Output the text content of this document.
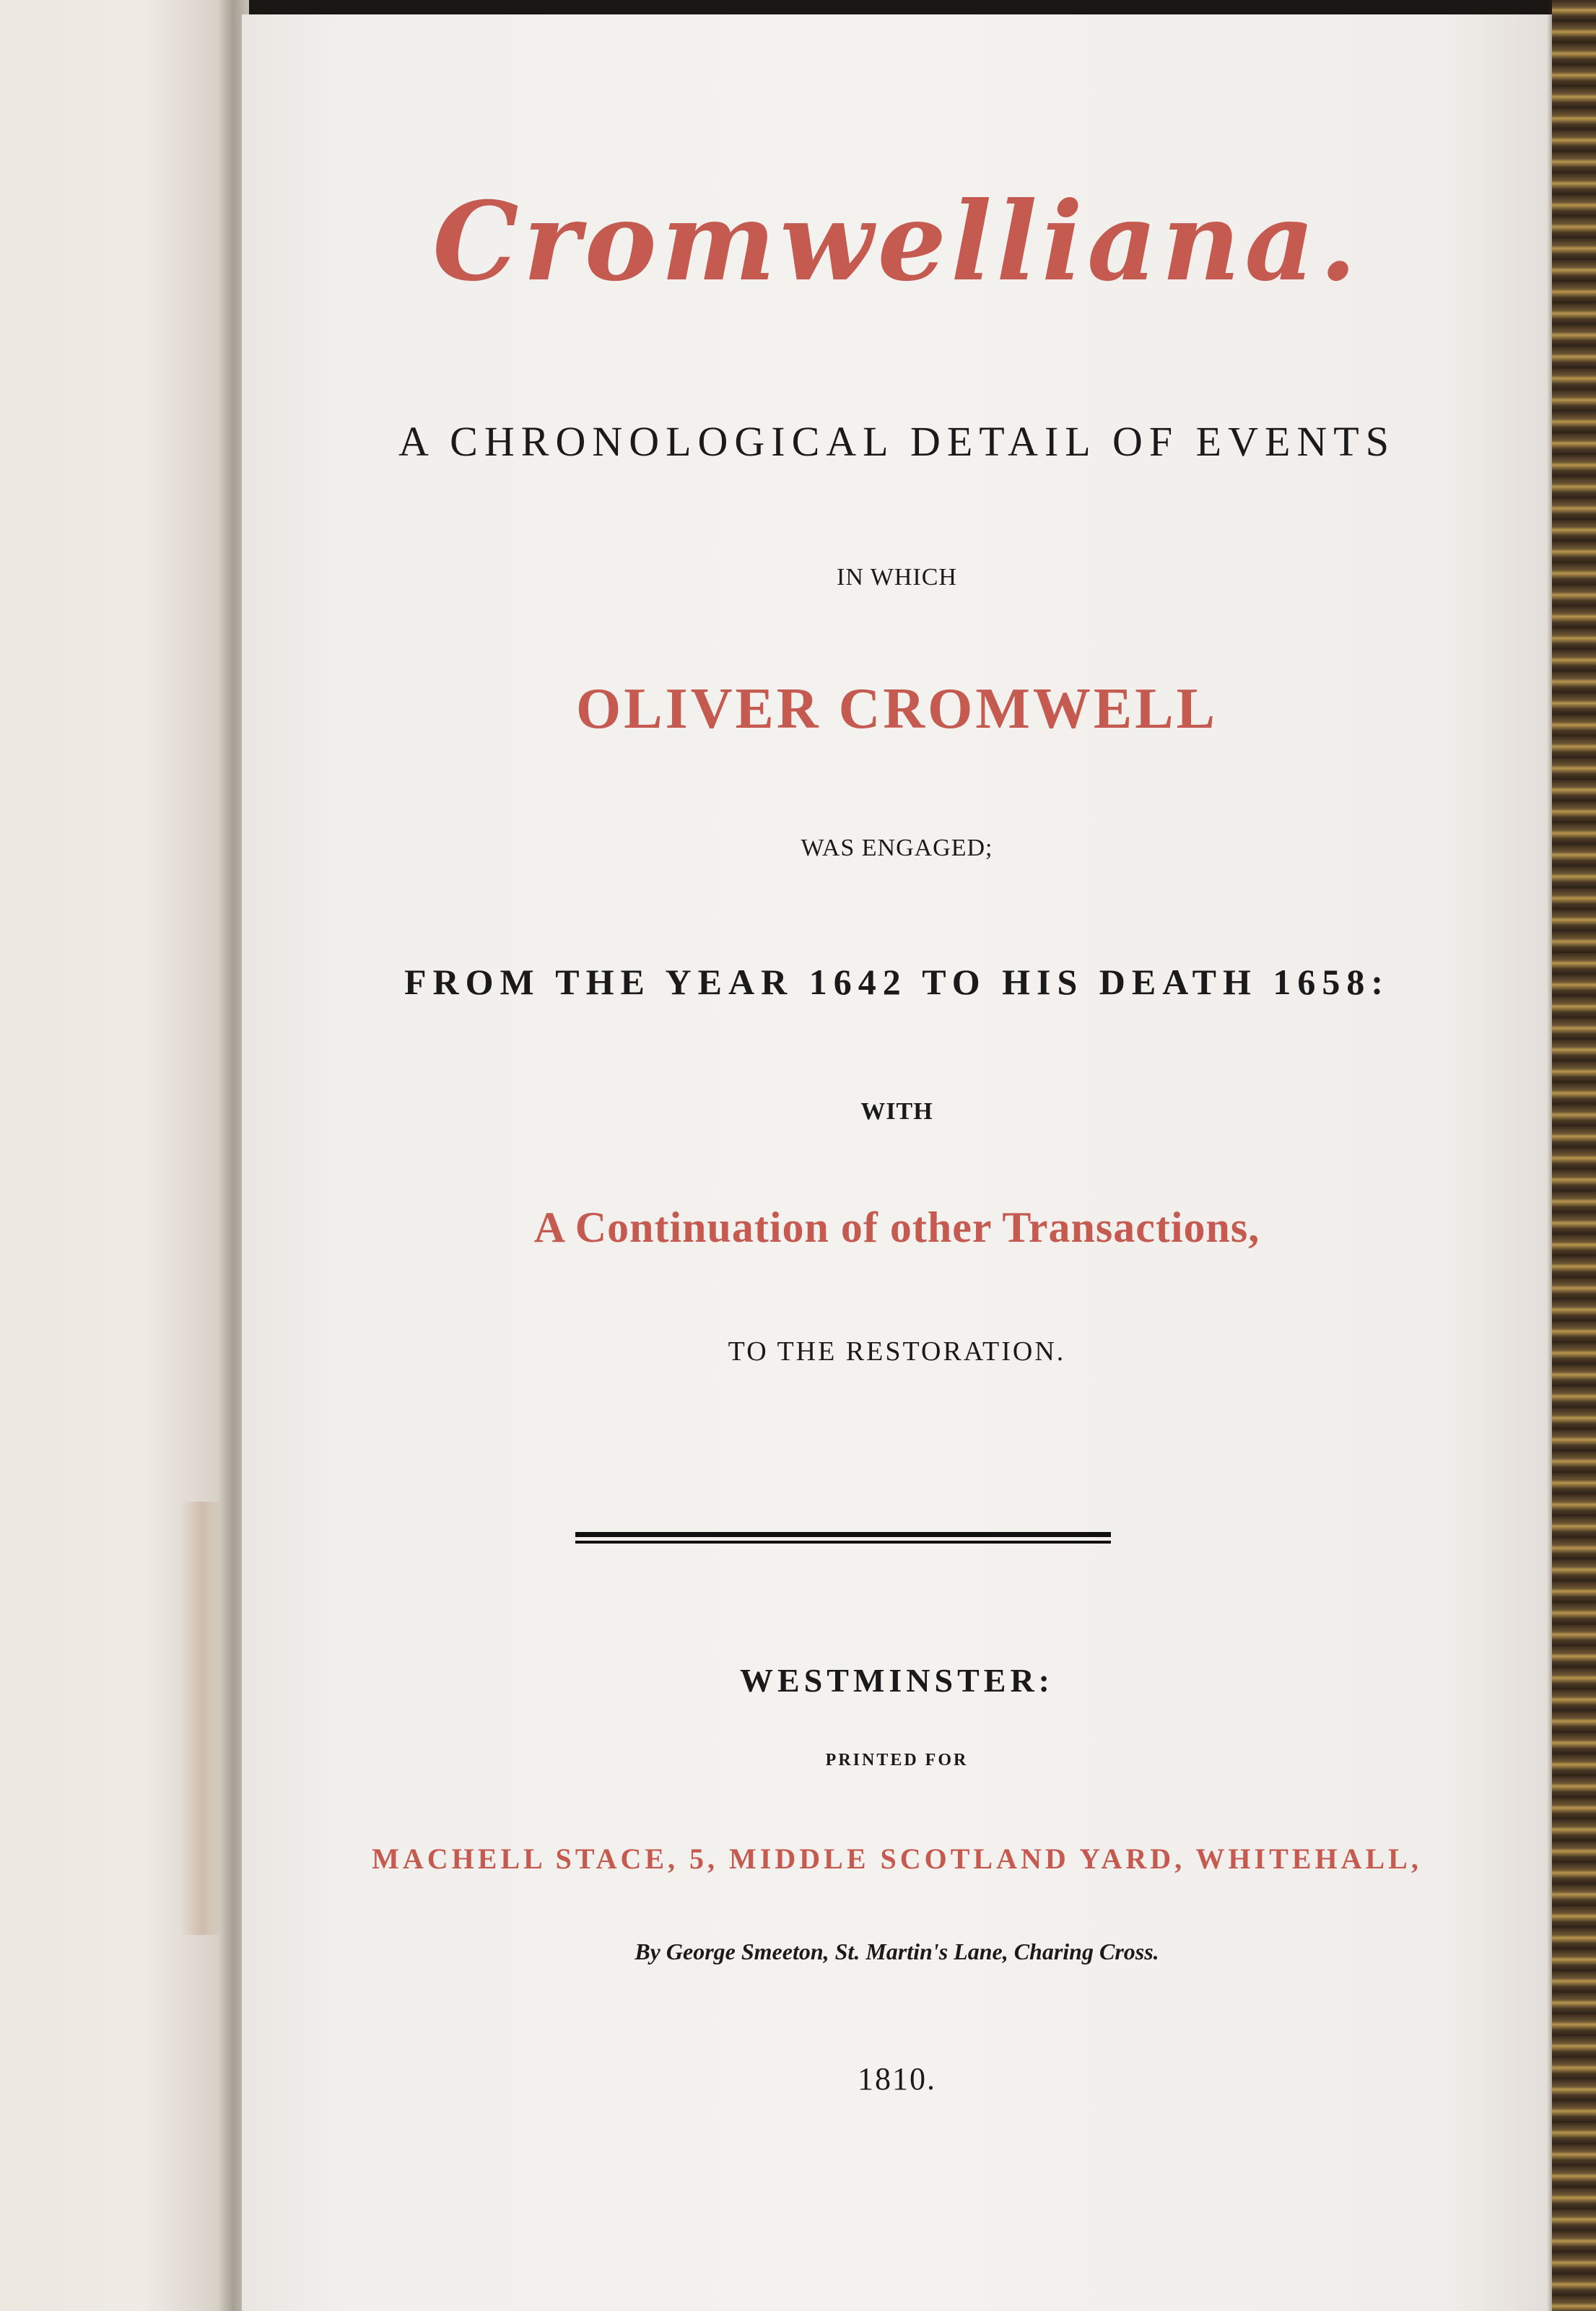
Cromwelliana.
A CHRONOLOGICAL DETAIL OF EVENTS
IN WHICH
OLIVER CROMWELL
WAS ENGAGED;
FROM THE YEAR 1642 TO HIS DEATH 1658:
WITH
A Continuation of other Transactions,
TO THE RESTORATION.
WESTMINSTER:
PRINTED FOR
MACHELL STACE, 5, MIDDLE SCOTLAND YARD, WHITEHALL,
By George Smeeton, St. Martin's Lane, Charing Cross.
1810.
